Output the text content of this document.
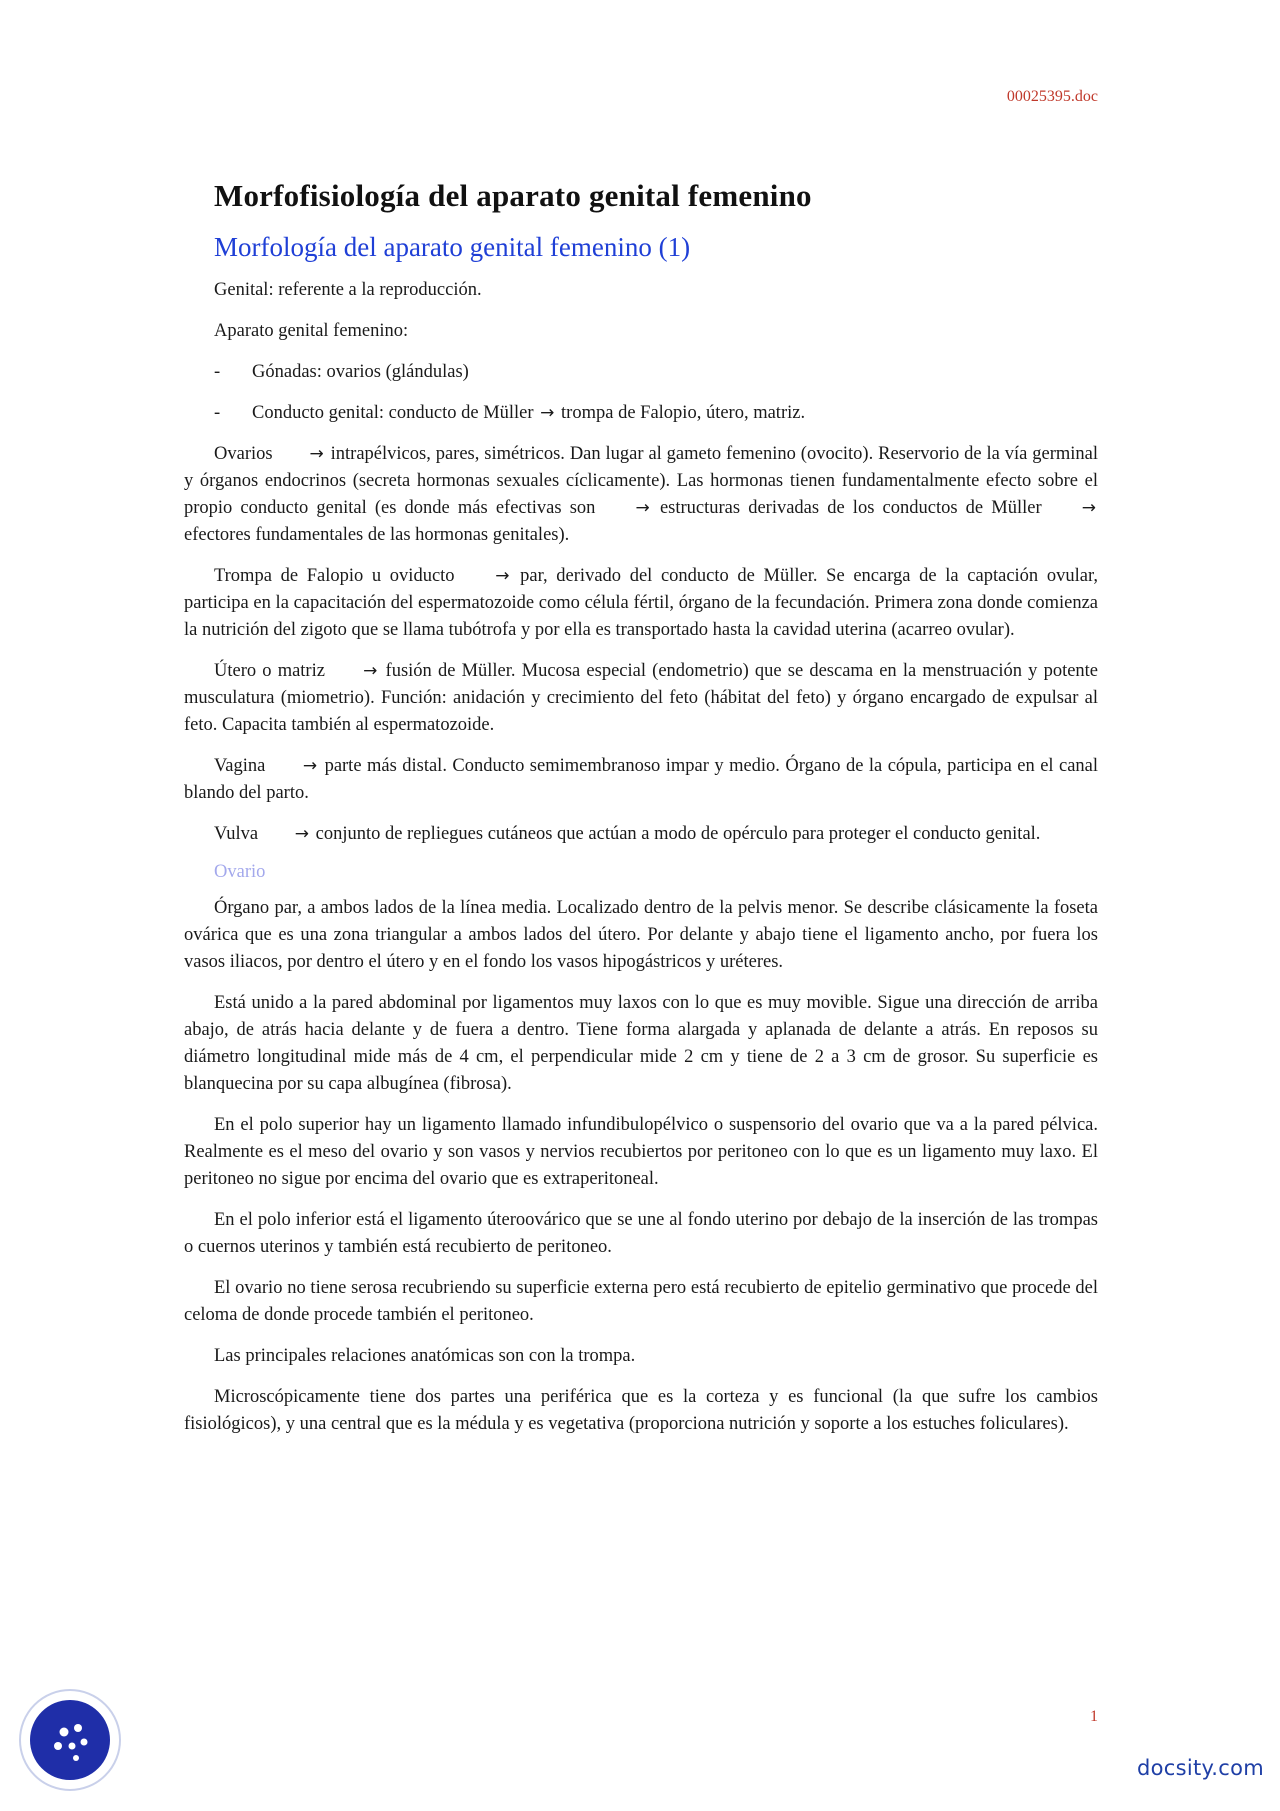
00025395.doc
Morfofisiología del aparato genital femenino
Morfología del aparato genital femenino (1)

Genital: referente a la reproducción.

Aparato genital femenino:

- Gónadas: ovarios (glándulas)
- Conducto genital: conducto de Müller → trompa de Falopio, útero, matriz.

Ovarios → intrapélvicos, pares, simétricos. Dan lugar al gameto femenino (ovocito). Reservorio de la vía germinal y órganos endocrinos (secreta hormonas sexuales cíclicamente). Las hormonas tienen fundamentalmente efecto sobre el propio conducto genital (es donde más efectivas son → estructuras derivadas de los conductos de Müller → efectores fundamentales de las hormonas genitales).

Trompa de Falopio u oviducto → par, derivado del conducto de Müller. Se encarga de la captación ovular, participa en la capacitación del espermatozoide como célula fértil, órgano de la fecundación. Primera zona donde comienza la nutrición del zigoto que se llama tubótrofa y por ella es transportado hasta la cavidad uterina (acarreo ovular).

Útero o matriz → fusión de Müller. Mucosa especial (endometrio) que se descama en la menstruación y potente musculatura (miometrio). Función: anidación y crecimiento del feto (hábitat del feto) y órgano encargado de expulsar al feto. Capacita también al espermatozoide.

Vagina → parte más distal. Conducto semimembranoso impar y medio. Órgano de la cópula, participa en el canal blando del parto.

Vulva → conjunto de repliegues cutáneos que actúan a modo de opérculo para proteger el conducto genital.

Ovario

Órgano par, a ambos lados de la línea media. Localizado dentro de la pelvis menor. Se describe clásicamente la foseta ovárica que es una zona triangular a ambos lados del útero. Por delante y abajo tiene el ligamento ancho, por fuera los vasos iliacos, por dentro el útero y en el fondo los vasos hipogástricos y uréteres.

Está unido a la pared abdominal por ligamentos muy laxos con lo que es muy movible. Sigue una dirección de arriba abajo, de atrás hacia delante y de fuera a dentro. Tiene forma alargada y aplanada de delante a atrás. En reposos su diámetro longitudinal mide más de 4 cm, el perpendicular mide 2 cm y tiene de 2 a 3 cm de grosor. Su superficie es blanquecina por su capa albugínea (fibrosa).

En el polo superior hay un ligamento llamado infundibulopélvico o suspensorio del ovario que va a la pared pélvica. Realmente es el meso del ovario y son vasos y nervios recubiertos por peritoneo con lo que es un ligamento muy laxo. El peritoneo no sigue por encima del ovario que es extraperitoneal.

En el polo inferior está el ligamento úteroovárico que se une al fondo uterino por debajo de la inserción de las trompas o cuernos uterinos y también está recubierto de peritoneo.

El ovario no tiene serosa recubriendo su superficie externa pero está recubierto de epitelio germinativo que procede del celoma de donde procede también el peritoneo.

Las principales relaciones anatómicas son con la trompa.

Microscópicamente tiene dos partes una periférica que es la corteza y es funcional (la que sufre los cambios fisiológicos), y una central que es la médula y es vegetativa (proporciona nutrición y soporte a los estuches foliculares).

1
docsity.com
